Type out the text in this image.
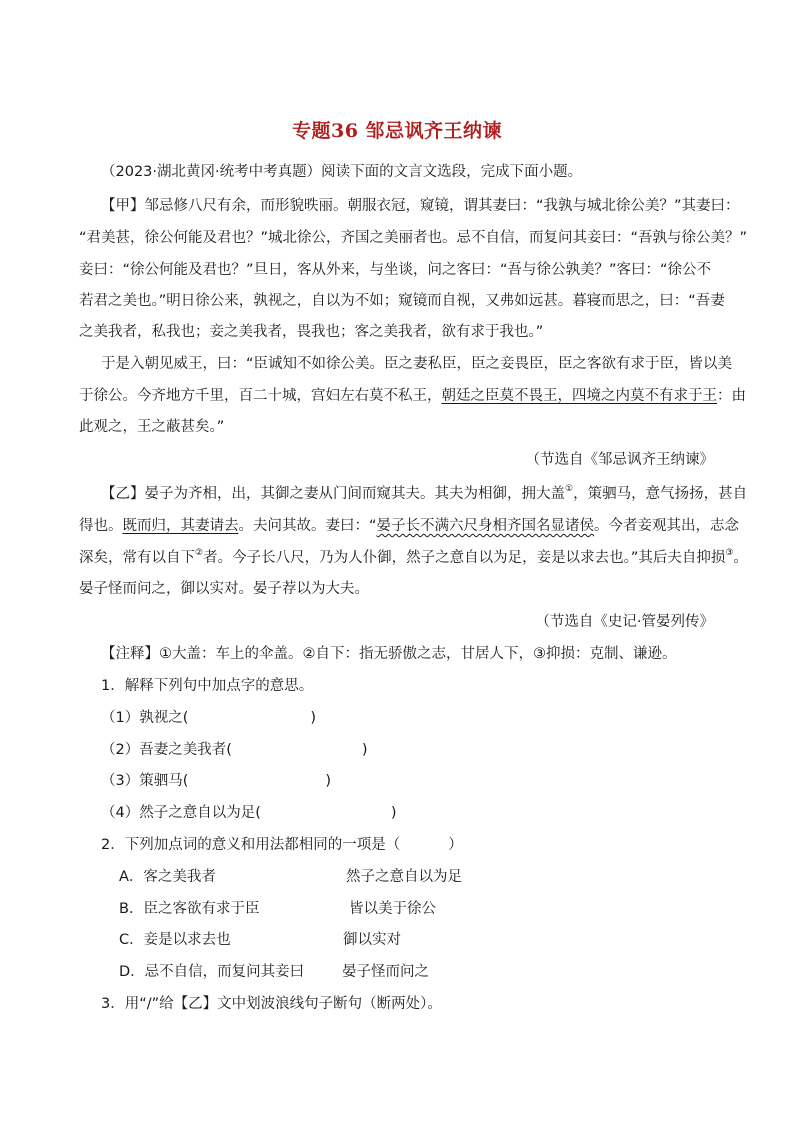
专题36 邹忌讽齐王纳谏
（2023·湖北黄冈·统考中考真题）阅读下面的文言文选段，完成下面小题。
【甲】邹忌修八尺有余，而形貌昳丽。朝服衣冠，窥镜，谓其妻曰：“我孰与城北徐公美？”其妻曰：
“君美甚，徐公何能及君也？”城北徐公，齐国之美丽者也。忌不自信，而复问其妾曰：“吾孰与徐公美？”
妾曰：“徐公何能及君也？”旦日，客从外来，与坐谈，问之客曰：“吾与徐公孰美？”客曰：“徐公不
若君之美也。”明日徐公来，孰视之，自以为不如；窥镜而自视，又弗如远甚。暮寝而思之，曰：“吾妻
之美我者，私我也；妾之美我者，畏我也；客之美我者，欲有求于我也。”
于是入朝见威王，曰：“臣诚知不如徐公美。臣之妻私臣，臣之妾畏臣，臣之客欲有求于臣，皆以美
于徐公。今齐地方千里，百二十城，宫妇左右莫不私王，朝廷之臣莫不畏王，四境之内莫不有求于王：由
此观之，王之蔽甚矣。”
（节选自《邹忌讽齐王纳谏》
【乙】晏子为齐相，出，其御之妻从门间而窥其夫。其夫为相御，拥大盖①，策驷马，意气扬扬，甚自
得也。既而归，其妻请去。夫问其故。妻曰：“晏子长不满六尺身相齐国名显诸侯。今者妾观其出，志念
深矣，常有以自下②者。今子长八尺，乃为人仆御，然子之意自以为足，妾是以求去也。”其后夫自抑损③。
晏子怪而问之，御以实对。晏子荐以为大夫。
（节选自《史记·管晏列传》
【注释】①大盖：车上的伞盖。②自下：指无骄傲之志，甘居人下，③抑损：克制、谦逊。
1．解释下列句中加点字的意思。
（1）孰视之(	)
（2）吾妻之美我者(	)
（3）策驷马(	)
（4）然子之意自以为足(	)
2．下列加点词的意义和用法都相同的一项是（	）
A．客之美我者	然子之意自以为足
B．臣之客欲有求于臣	皆以美于徐公
C．妾是以求去也	御以实对
D．忌不自信，而复问其妾曰	晏子怪而问之
3．用“/”给【乙】文中划波浪线句子断句（断两处）。
